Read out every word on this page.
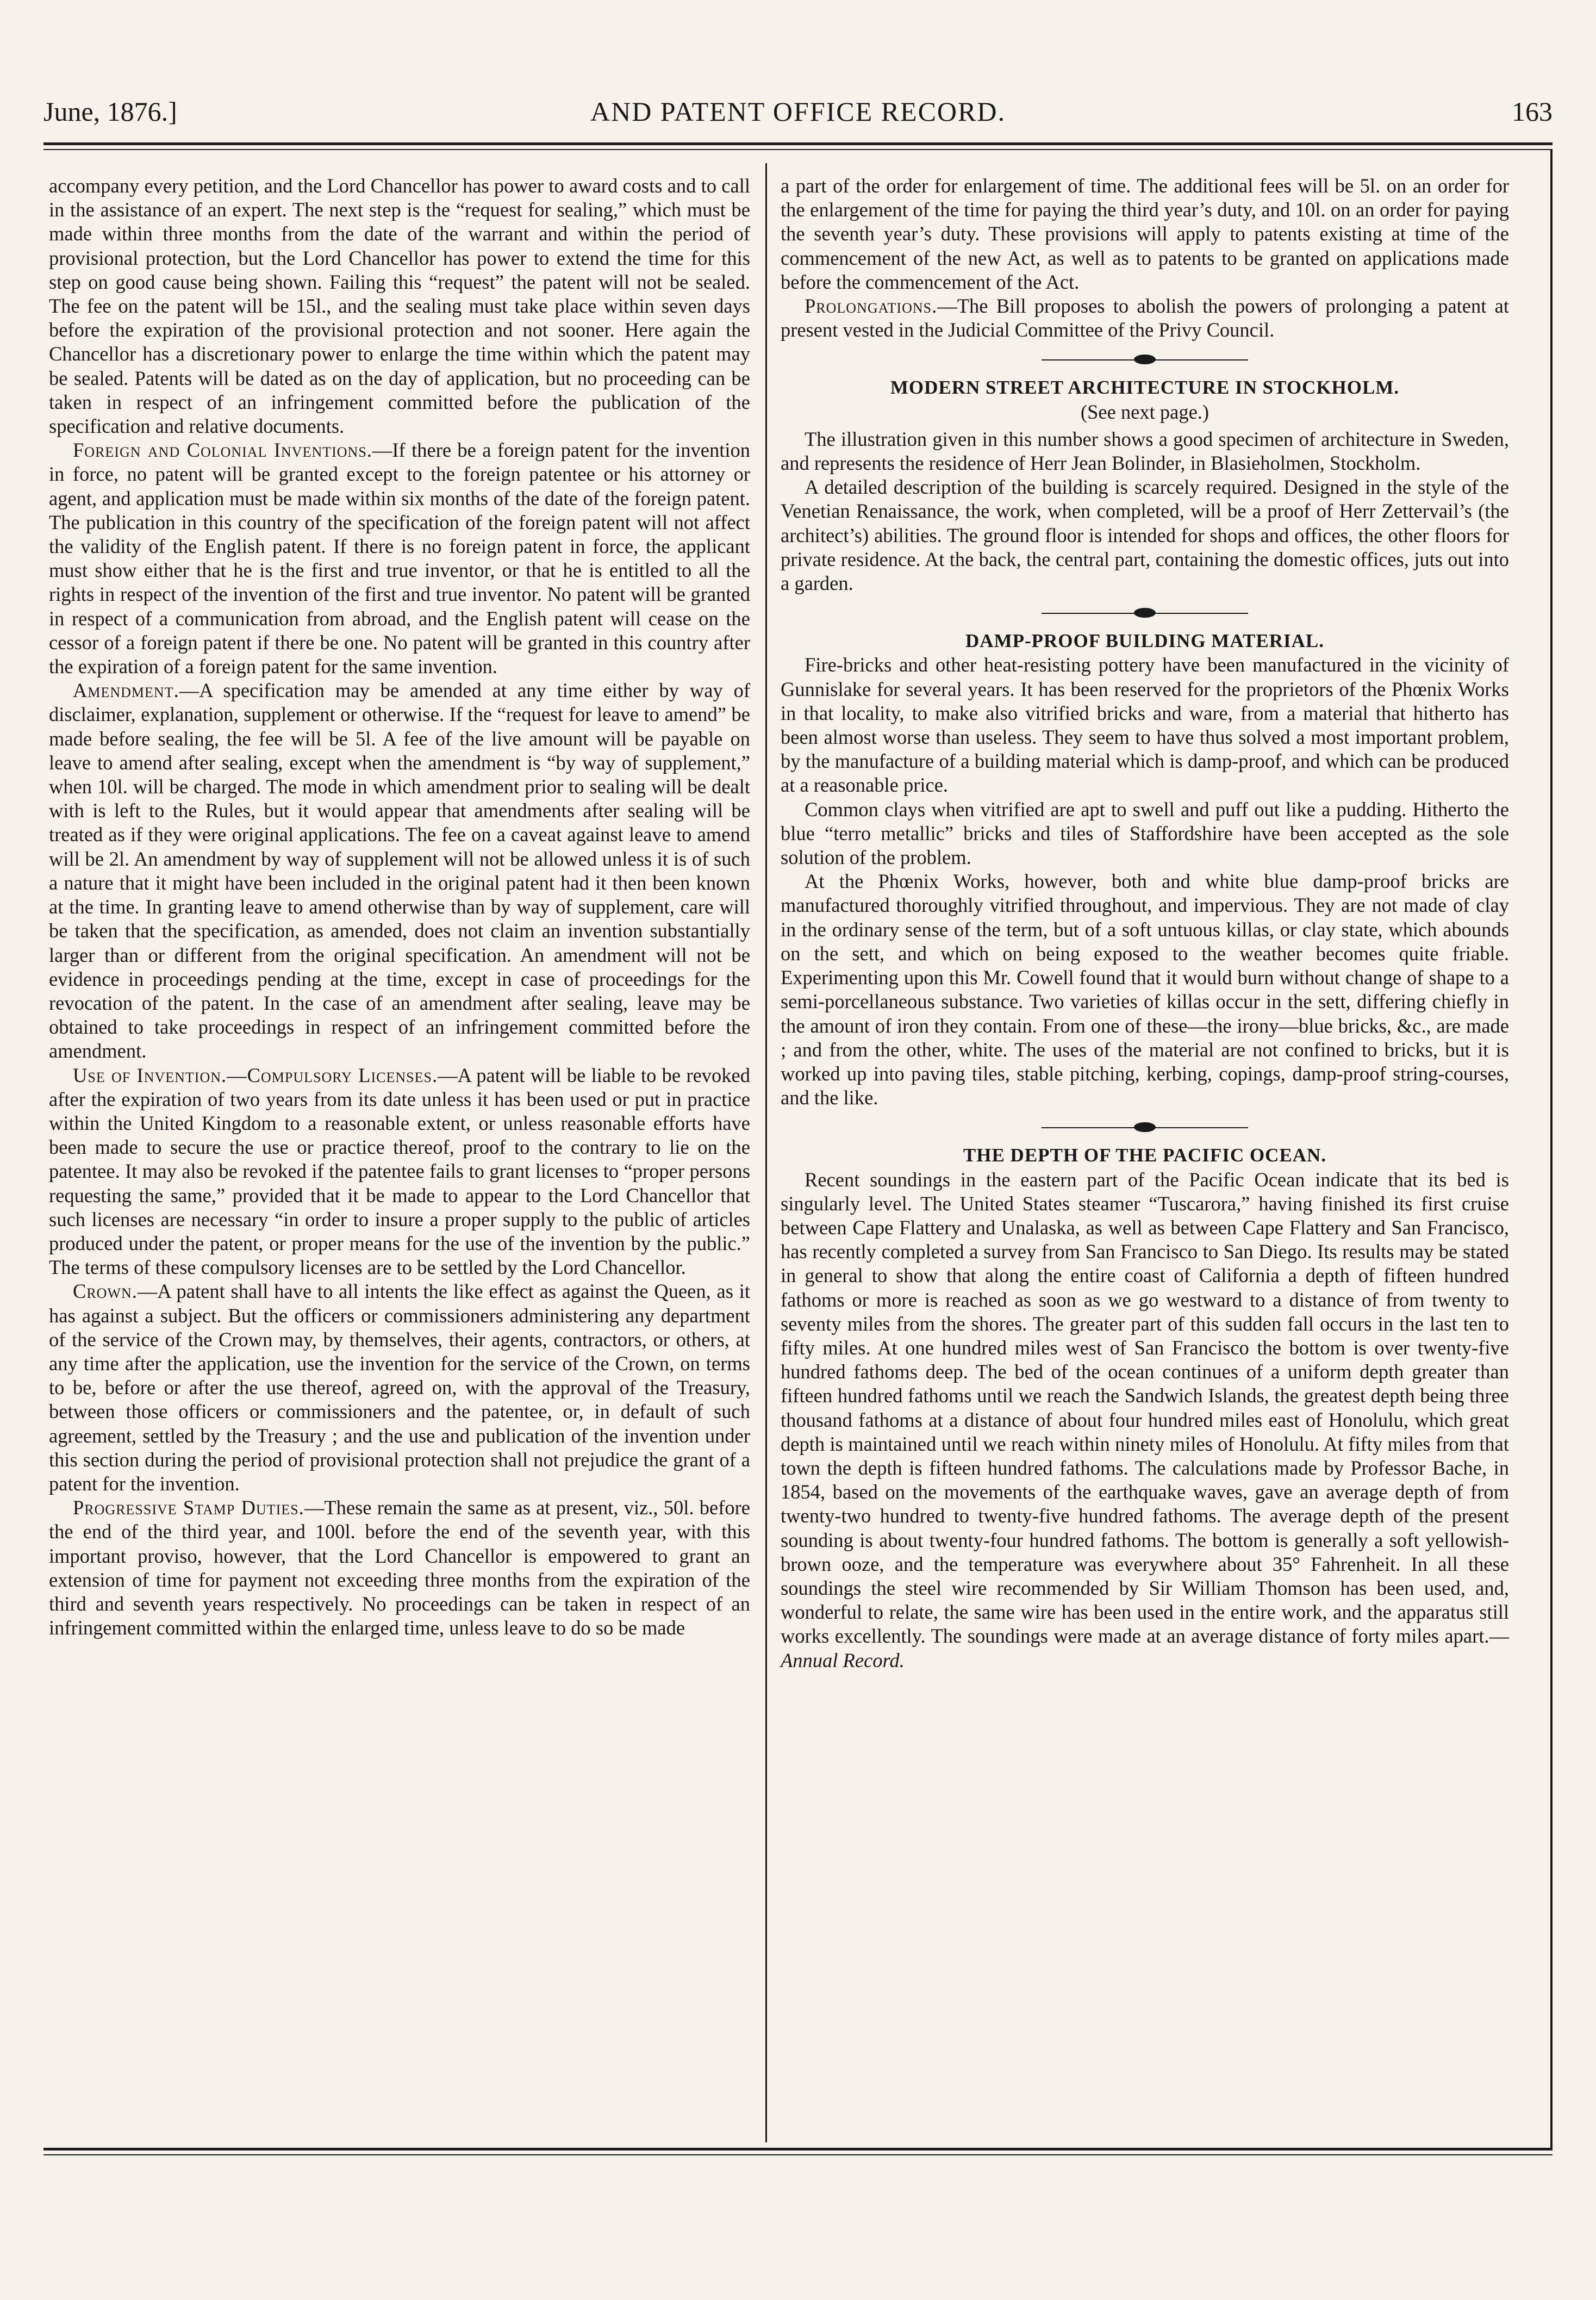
June, 1876.]	AND PATENT OFFICE RECORD.	163

accompany every petition, and the Lord Chancellor has power to award costs and to call in the assistance of an expert. The next step is the “request for sealing,” which must be made within three months from the date of the warrant and within the period of provisional protection, but the Lord Chancellor has power to extend the time for this step on good cause being shown. Failing this “request” the patent will not be sealed. The fee on the patent will be 15l., and the sealing must take place within seven days before the expiration of the provisional protection and not sooner. Here again the Chancellor has a discretionary power to enlarge the time within which the patent may be sealed. Patents will be dated as on the day of application, but no proceeding can be taken in respect of an infringement committed before the publication of the specification and relative documents.

Foreign and Colonial Inventions.—If there be a foreign patent for the invention in force, no patent will be granted except to the foreign patentee or his attorney or agent, and application must be made within six months of the date of the foreign patent. The publication in this country of the specification of the foreign patent will not affect the validity of the English patent. If there is no foreign patent in force, the applicant must show either that he is the first and true inventor, or that he is entitled to all the rights in respect of the invention of the first and true inventor. No patent will be granted in respect of a communication from abroad, and the English patent will cease on the cessor of a foreign patent if there be one. No patent will be granted in this country after the expiration of a foreign patent for the same invention.

Amendment.—A specification may be amended at any time either by way of disclaimer, explanation, supplement or otherwise. If the “request for leave to amend” be made before sealing, the fee will be 5l. A fee of the live amount will be payable on leave to amend after sealing, except when the amendment is “by way of supplement,” when 10l. will be charged. The mode in which amendment prior to sealing will be dealt with is left to the Rules, but it would appear that amendments after sealing will be treated as if they were original applications. The fee on a caveat against leave to amend will be 2l. An amendment by way of supplement will not be allowed unless it is of such a nature that it might have been included in the original patent had it then been known at the time. In granting leave to amend otherwise than by way of supplement, care will be taken that the specification, as amended, does not claim an invention substantially larger than or different from the original specification. An amendment will not be evidence in proceedings pending at the time, except in case of proceedings for the revocation of the patent. In the case of an amendment after sealing, leave may be obtained to take proceedings in respect of an infringement committed before the amendment.

Use of Invention.—Compulsory Licenses.—A patent will be liable to be revoked after the expiration of two years from its date unless it has been used or put in practice within the United Kingdom to a reasonable extent, or unless reasonable efforts have been made to secure the use or practice thereof, proof to the contrary to lie on the patentee. It may also be revoked if the patentee fails to grant licenses to “proper persons requesting the same,” provided that it be made to appear to the Lord Chancellor that such licenses are necessary “in order to insure a proper supply to the public of articles produced under the patent, or proper means for the use of the invention by the public.” The terms of these compulsory licenses are to be settled by the Lord Chancellor.

Crown.—A patent shall have to all intents the like effect as against the Queen, as it has against a subject. But the officers or commissioners administering any department of the service of the Crown may, by themselves, their agents, contractors, or others, at any time after the application, use the invention for the service of the Crown, on terms to be, before or after the use thereof, agreed on, with the approval of the Treasury, between those officers or commissioners and the patentee, or, in default of such agreement, settled by the Treasury ; and the use and publication of the invention under this section during the period of provisional protection shall not prejudice the grant of a patent for the invention.

Progressive Stamp Duties.—These remain the same as at present, viz., 50l. before the end of the third year, and 100l. before the end of the seventh year, with this important proviso, however, that the Lord Chancellor is empowered to grant an extension of time for payment not exceeding three months from the expiration of the third and seventh years respectively. No proceedings can be taken in respect of an infringement committed within the enlarged time, unless leave to do so be made

a part of the order for enlargement of time. The additional fees will be 5l. on an order for the enlargement of the time for paying the third year’s duty, and 10l. on an order for paying the seventh year’s duty. These provisions will apply to patents existing at time of the commencement of the new Act, as well as to patents to be granted on applications made before the commencement of the Act.

Prolongations.—The Bill proposes to abolish the powers of prolonging a patent at present vested in the Judicial Committee of the Privy Council.

MODERN STREET ARCHITECTURE IN STOCKHOLM.
(See next page.)

The illustration given in this number shows a good specimen of architecture in Sweden, and represents the residence of Herr Jean Bolinder, in Blasieholmen, Stockholm.

A detailed description of the building is scarcely required. Designed in the style of the Venetian Renaissance, the work, when completed, will be a proof of Herr Zettervail’s (the architect’s) abilities. The ground floor is intended for shops and offices, the other floors for private residence. At the back, the central part, containing the domestic offices, juts out into a garden.

DAMP-PROOF BUILDING MATERIAL.

Fire-bricks and other heat-resisting pottery have been manufactured in the vicinity of Gunnislake for several years. It has been reserved for the proprietors of the Phœnix Works in that locality, to make also vitrified bricks and ware, from a material that hitherto has been almost worse than useless. They seem to have thus solved a most important problem, by the manufacture of a building material which is damp-proof, and which can be produced at a reasonable price.

Common clays when vitrified are apt to swell and puff out like a pudding. Hitherto the blue “terro metallic” bricks and tiles of Staffordshire have been accepted as the sole solution of the problem.

At the Phœnix Works, however, both and white blue damp-proof bricks are manufactured thoroughly vitrified throughout, and impervious. They are not made of clay in the ordinary sense of the term, but of a soft untuous killas, or clay state, which abounds on the sett, and which on being exposed to the weather becomes quite friable. Experimenting upon this Mr. Cowell found that it would burn without change of shape to a semi-porcellaneous substance. Two varieties of killas occur in the sett, differing chiefly in the amount of iron they contain. From one of these—the irony—blue bricks, &c., are made ; and from the other, white. The uses of the material are not confined to bricks, but it is worked up into paving tiles, stable pitching, kerbing, copings, damp-proof string-courses, and the like.

THE DEPTH OF THE PACIFIC OCEAN.

Recent soundings in the eastern part of the Pacific Ocean indicate that its bed is singularly level. The United States steamer “Tuscarora,” having finished its first cruise between Cape Flattery and Unalaska, as well as between Cape Flattery and San Francisco, has recently completed a survey from San Francisco to San Diego. Its results may be stated in general to show that along the entire coast of California a depth of fifteen hundred fathoms or more is reached as soon as we go westward to a distance of from twenty to seventy miles from the shores. The greater part of this sudden fall occurs in the last ten to fifty miles. At one hundred miles west of San Francisco the bottom is over twenty-five hundred fathoms deep. The bed of the ocean continues of a uniform depth greater than fifteen hundred fathoms until we reach the Sandwich Islands, the greatest depth being three thousand fathoms at a distance of about four hundred miles east of Honolulu, which great depth is maintained until we reach within ninety miles of Honolulu. At fifty miles from that town the depth is fifteen hundred fathoms. The calculations made by Professor Bache, in 1854, based on the movements of the earthquake waves, gave an average depth of from twenty-two hundred to twenty-five hundred fathoms. The average depth of the present sounding is about twenty-four hundred fathoms. The bottom is generally a soft yellowish-brown ooze, and the temperature was everywhere about 35° Fahrenheit. In all these soundings the steel wire recommended by Sir William Thomson has been used, and, wonderful to relate, the same wire has been used in the entire work, and the apparatus still works excellently. The soundings were made at an average distance of forty miles apart.—Annual Record.
